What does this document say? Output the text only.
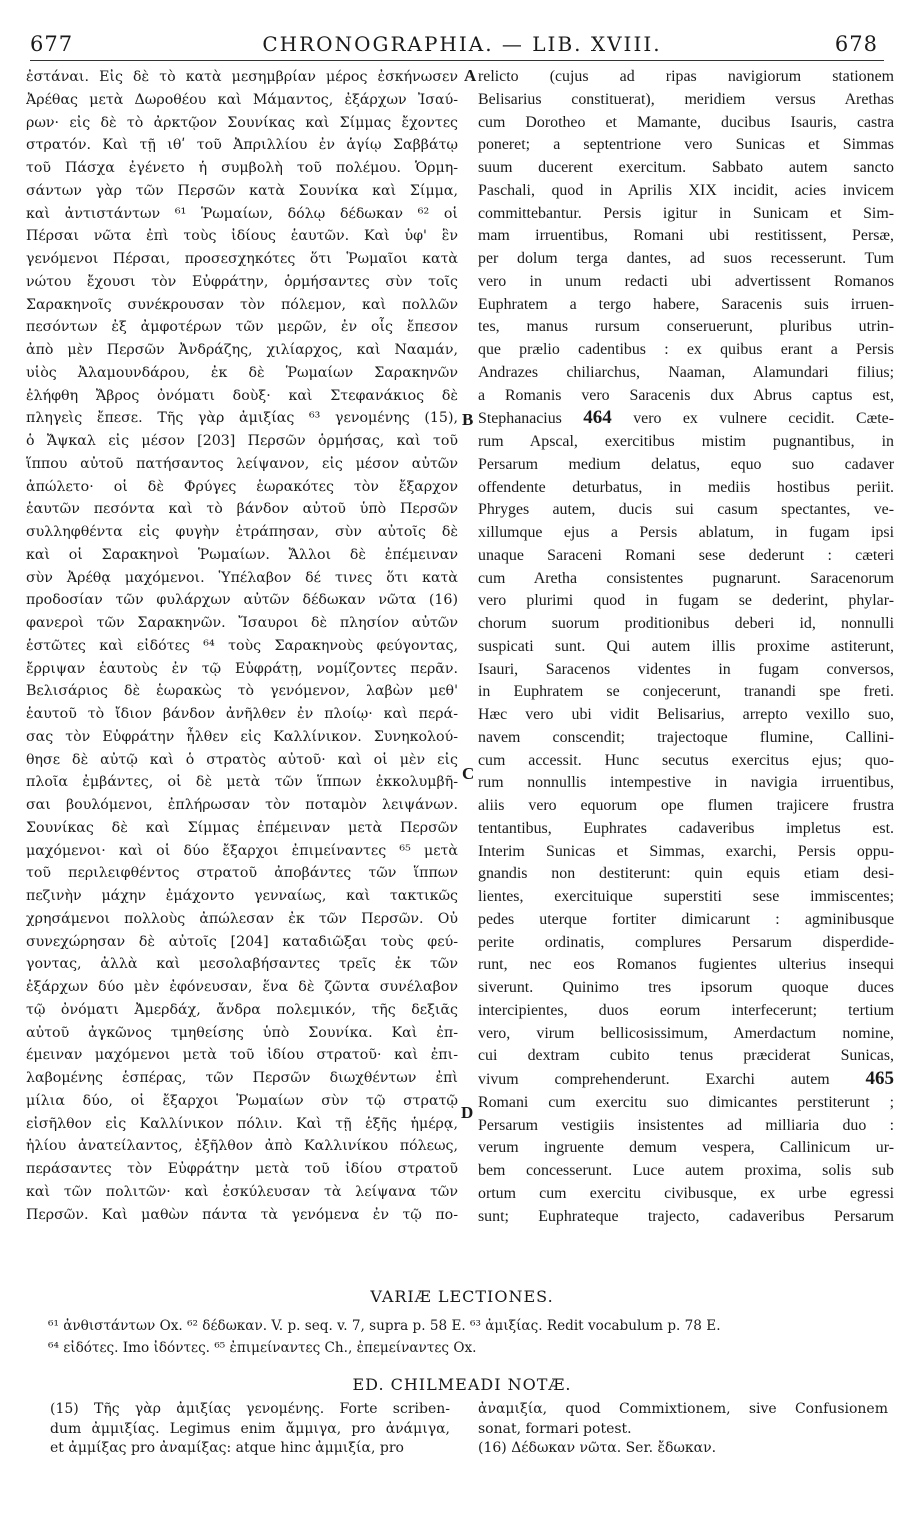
677	CHRONOGRAPHIA. — LIB. XVIII.	678
ἐστάναι. Εἰς δὲ τὸ κατὰ μεσημβρίαν μέρος ἐσκήνωσεν
Ἀρέθας μετὰ Δωροθέου καὶ Μάμαντος, ἐξάρχων Ἰσαύ-
ρων· εἰς δὲ τὸ ἀρκτῷον Σουνίκας καὶ Σίμμας ἔχοντες
στρατόν. Καὶ τῇ ιθʹ τοῦ Ἀπριλλίου ἐν ἁγίῳ Σαββάτῳ
τοῦ Πάσχα ἐγένετο ἡ συμβολὴ τοῦ πολέμου. Ὁρμη-
σάντων γὰρ τῶν Περσῶν κατὰ Σουνίκα καὶ Σίμμα,
καὶ ἀντιστάντων ⁶¹ Ῥωμαίων, δόλῳ δέδωκαν ⁶² οἱ
Πέρσαι νῶτα ἐπὶ τοὺς ἰδίους ἑαυτῶν. Καὶ ὑφ' ἓν
γενόμενοι Πέρσαι, προσεσχηκότες ὅτι Ῥωμαῖοι κατὰ
νώτου ἔχουσι τὸν Εὐφράτην, ὁρμήσαντες σὺν τοῖς
Σαρακηνοῖς συνέκρουσαν τὸν πόλεμον, καὶ πολλῶν
πεσόντων ἐξ ἀμφοτέρων τῶν μερῶν, ἐν οἷς ἔπεσον
ἀπὸ μὲν Περσῶν Ἀνδράζης, χιλίαρχος, καὶ Νααμάν,
υἱὸς Ἀλαμουνδάρου, ἐκ δὲ Ῥωμαίων Σαρακηνῶν
ἐλήφθη Ἄβρος ὀνόματι δοὺξ· καὶ Στεφανάκιος δὲ
πληγεὶς ἔπεσε. Τῆς γὰρ ἀμιξίας ⁶³ γενομένης (15),
ὁ Ἄψκαλ εἰς μέσον [203] Περσῶν ὁρμήσας, καὶ τοῦ
ἵππου αὐτοῦ πατήσαντος λείψανον, εἰς μέσον αὐτῶν
ἀπώλετο· οἱ δὲ Φρύγες ἑωρακότες τὸν ἔξαρχον
ἑαυτῶν πεσόντα καὶ τὸ βάνδον αὐτοῦ ὑπὸ Περσῶν
συλληφθέντα εἰς φυγὴν ἐτράπησαν, σὺν αὐτοῖς δὲ
καὶ οἱ Σαρακηνοὶ Ῥωμαίων. Ἄλλοι δὲ ἐπέμειναν
σὺν Ἀρέθᾳ μαχόμενοι. Ὑπέλαβον δέ τινες ὅτι κατὰ
προδοσίαν τῶν φυλάρχων αὐτῶν δέδωκαν νῶτα (16)
φανεροὶ τῶν Σαρακηνῶν. Ἴσαυροι δὲ πλησίον αὐτῶν
ἑστῶτες καὶ εἰδότες ⁶⁴ τοὺς Σαρακηνοὺς φεύγοντας,
ἔρριψαν ἑαυτοὺς ἐν τῷ Εὐφράτῃ, νομίζοντες περᾶν.
Βελισάριος δὲ ἑωρακὼς τὸ γενόμενον, λαβὼν μεθ'
ἑαυτοῦ τὸ ἴδιον βάνδον ἀνῆλθεν ἐν πλοίῳ· καὶ περά-
σας τὸν Εὐφράτην ἦλθεν εἰς Καλλίνικον. Συνηκολού-
θησε δὲ αὐτῷ καὶ ὁ στρατὸς αὐτοῦ· καὶ οἱ μὲν εἰς
πλοῖα ἐμβάντες, οἱ δὲ μετὰ τῶν ἵππων ἐκκολυμβῆ-
σαι βουλόμενοι, ἐπλήρωσαν τὸν ποταμὸν λειψάνων.
Σουνίκας δὲ καὶ Σίμμας ἐπέμειναν μετὰ Περσῶν
μαχόμενοι· καὶ οἱ δύο ἔξαρχοι ἐπιμείναντες ⁶⁵ μετὰ
τοῦ περιλειφθέντος στρατοῦ ἀποβάντες τῶν ἵππων
πεζινὴν μάχην ἐμάχοντο γενναίως, καὶ τακτικῶς
χρησάμενοι πολλοὺς ἀπώλεσαν ἐκ τῶν Περσῶν. Οὐ
συνεχώρησαν δὲ αὐτοῖς [204] καταδιῶξαι τοὺς φεύ-
γοντας, ἀλλὰ καὶ μεσολαβήσαντες τρεῖς ἐκ τῶν
ἐξάρχων δύο μὲν ἐφόνευσαν, ἕνα δὲ ζῶντα συνέλαβον
τῷ ὀνόματι Ἀμερδάχ, ἄνδρα πολεμικόν, τῆς δεξιᾶς
αὐτοῦ ἀγκῶνος τμηθείσης ὑπὸ Σουνίκα. Καὶ ἐπ-
έμειναν μαχόμενοι μετὰ τοῦ ἰδίου στρατοῦ· καὶ ἐπι-
λαβομένης ἑσπέρας, τῶν Περσῶν διωχθέντων ἐπὶ
μίλια δύο, οἱ ἔξαρχοι Ῥωμαίων σὺν τῷ στρατῷ
εἰσῆλθον εἰς Καλλίνικον πόλιν. Καὶ τῇ ἑξῆς ἡμέρᾳ,
ἡλίου ἀνατείλαντος, ἐξῆλθον ἀπὸ Καλλινίκου πόλεως,
περάσαντες τὸν Εὐφράτην μετὰ τοῦ ἰδίου στρατοῦ
καὶ τῶν πολιτῶν· καὶ ἐσκύλευσαν τὰ λείψανα τῶν
Περσῶν. Καὶ μαθὼν πάντα τὰ γενόμενα ἐν τῷ πο-
relicto (cujus ad ripas navigiorum stationem
Belisarius constituerat), meridiem versus Arethas
cum Dorotheo et Mamante, ducibus Isauris, castra
poneret; a septentrione vero Sunicas et Simmas
suum ducerent exercitum. Sabbato autem sancto
Paschali, quod in Aprilis XIX incidit, acies invicem
committebantur. Persis igitur in Sunicam et Sim-
mam irruentibus, Romani ubi restitissent, Persæ,
per dolum terga dantes, ad suos recesserunt. Tum
vero in unum redacti ubi advertissent Romanos
Euphratem a tergo habere, Saracenis suis irruen-
tes, manus rursum conseruerunt, pluribus utrin-
que prælio cadentibus : ex quibus erant a Persis
Andrazes chiliarchus, Naaman, Alamundari filius;
a Romanis vero Saracenis dux Abrus captus est,
Stephanacius 464 vero ex vulnere cecidit. Cæte-
rum Apscal, exercitibus mistim pugnantibus, in
Persarum medium delatus, equo suo cadaver
offendente deturbatus, in mediis hostibus periit.
Phryges autem, ducis sui casum spectantes, ve-
xillumque ejus a Persis ablatum, in fugam ipsi
unaque Saraceni Romani sese dederunt : cæteri
cum Aretha consistentes pugnarunt. Saracenorum
vero plurimi quod in fugam se dederint, phylar-
chorum suorum proditionibus deberi id, nonnulli
suspicati sunt. Qui autem illis proxime astiterunt,
Isauri, Saracenos videntes in fugam conversos,
in Euphratem se conjecerunt, tranandi spe freti.
Hæc vero ubi vidit Belisarius, arrepto vexillo suo,
navem conscendit; trajectoque flumine, Callini-
cum accessit. Hunc secutus exercitus ejus; quo-
rum nonnullis intempestive in navigia irruentibus,
aliis vero equorum ope flumen trajicere frustra
tentantibus, Euphrates cadaveribus impletus est.
Interim Sunicas et Simmas, exarchi, Persis oppu-
gnandis non destiterunt: quin equis etiam desi-
lientes, exercituique superstiti sese immiscentes;
pedes uterque fortiter dimicarunt : agminibusque
perite ordinatis, complures Persarum disperdide-
runt, nec eos Romanos fugientes ulterius insequi
siverunt. Quinimo tres ipsorum quoque duces
intercipientes, duos eorum interfecerunt; tertium
vero, virum bellicosissimum, Amerdactum nomine,
cui dextram cubito tenus præciderat Sunicas,
vivum comprehenderunt. Exarchi autem 465
Romani cum exercitu suo dimicantes perstiterunt ;
Persarum vestigiis insistentes ad milliaria duo :
verum ingruente demum vespera, Callinicum ur-
bem concesserunt. Luce autem proxima, solis sub
ortum cum exercitu civibusque, ex urbe egressi
sunt; Euphrateque trajecto, cadaveribus Persarum
A
B
C
D
VARIÆ LECTIONES.
⁶¹ ἀνθιστάντων Ox. ⁶² δέδωκαν. V. p. seq. v. 7, supra p. 58 E. ⁶³ ἀμιξίας. Redit vocabulum p. 78 E.
⁶⁴ εἰδότες. Imo ἰδόντες. ⁶⁵ ἐπιμείναντες Ch., ἐπεμείναντες Ox.
ED. CHILMEADI NOTÆ.
(15) Τῆς γὰρ ἀμιξίας γενομένης. Forte scriben-
dum ἀμμιξίας. Legimus enim ἄμμιγα, pro ἀνάμιγα,
et ἀμμίξας pro ἀναμίξας: atque hinc ἀμμιξία, pro
ἀναμιξία, quod Commixtionem, sive Confusionem
sonat, formari potest.
(16) Δέδωκαν νῶτα. Ser. ἔδωκαν.
